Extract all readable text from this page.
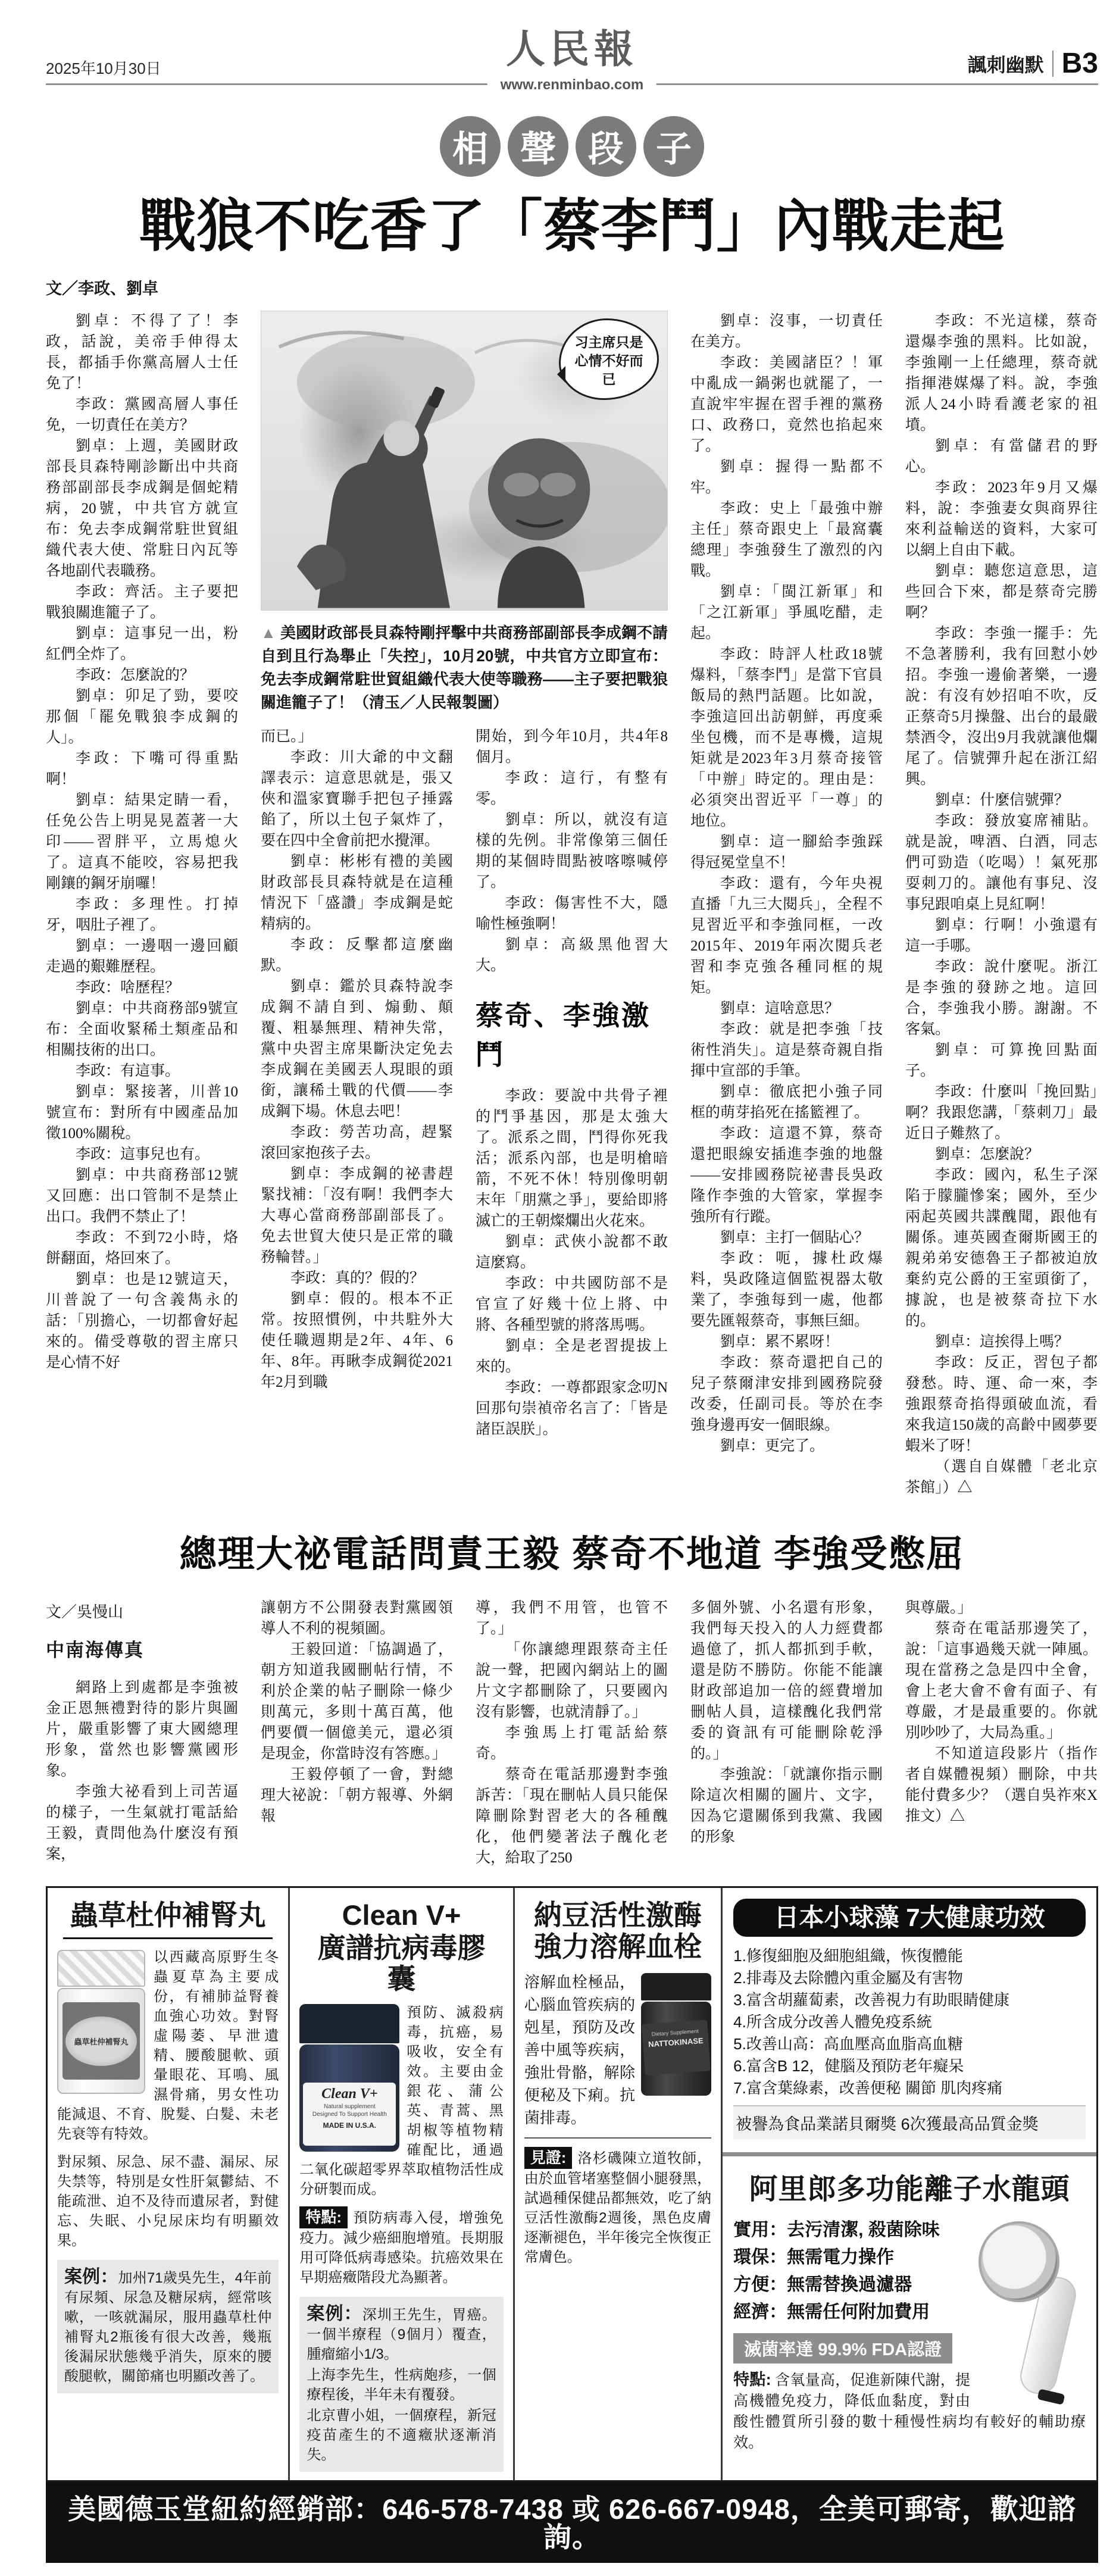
2025年10月30日	人民報
www.renminbao.com
諷刺幽默 B3
相 聲 段 子
戰狼不吃香了「蔡李鬥」內戰走起
文／李政、劉卓

劉卓：不得了了！李政，話說，美帝手伸得太長，都插手你黨高層人士任免了！

李政：黨國高層人事任免，一切責任在美方？

劉卓：上週，美國財政部長貝森特剛診斷出中共商務部副部長李成鋼是個蛇精病，20號，中共官方就宣布：免去李成鋼常駐世貿組織代表大使、常駐日內瓦等各地副代表職務。

李政：齊活。主子要把戰狼關進籠子了。

劉卓：這事兒一出，粉紅們全炸了。

李政：怎麼說的？

劉卓：卯足了勁，要咬那個「罷免戰狼李成鋼的人」。

李政：下嘴可得重點啊！

劉卓：結果定睛一看，任免公告上明晃晃蓋著一大印——習胖平，立馬熄火了。這真不能咬，容易把我剛鑲的鋼牙崩囉！

李政：多理性。打掉牙，咽肚子裡了。

劉卓：一邊咽一邊回顧走過的艱難歷程。

李政：啥歷程？

劉卓：中共商務部9號宣布：全面收緊稀土類產品和相關技術的出口。

李政：有這事。

劉卓：緊接著，川普10號宣布：對所有中國產品加徵100%關稅。

李政：這事兒也有。

劉卓：中共商務部12號又回應：出口管制不是禁止出口。我們不禁止了！

李政：不到72小時，烙餅翻面，烙回來了。

劉卓：也是12號這天，川普說了一句含義雋永的話：「別擔心，一切都會好起來的。備受尊敬的習主席只是心情不好

习主席只是心情不好而已
▲ 美國財政部長貝森特剛抨擊中共商務部副部長李成鋼不請自到且行為舉止「失控」，10月20號，中共官方立即宣布：免去李成鋼常駐世貿組織代表大使等職務——主子要把戰狼關進籠子了！（清玉／人民報製圖）

而已。」

李政：川大爺的中文翻譯表示：這意思就是，張又俠和溫家寶聯手把包子捶露餡了，所以土包子氣炸了，要在四中全會前把水攪渾。

劉卓：彬彬有禮的美國財政部長貝森特就是在這種情況下「盛讚」李成鋼是蛇精病的。

李政：反擊都這麼幽默。

劉卓：鑑於貝森特說李成鋼不請自到、煽動、顛覆、粗暴無理、精神失常，黨中央習主席果斷決定免去李成鋼在美國丟人現眼的頭銜，讓稀土戰的代價——李成鋼下場。休息去吧！

李政：勞苦功高，趕緊滾回家抱孩子去。

劉卓：李成鋼的祕書趕緊找補：「沒有啊！我們李大大專心當商務部副部長了。免去世貿大使只是正常的職務輪替。」

李政：真的？假的？

劉卓：假的。根本不正常。按照慣例，中共駐外大使任職週期是2年、4年、6年、8年。再瞅李成鋼從2021年2月到職

開始，到今年10月，共4年8個月。

李政：這行，有整有零。

劉卓：所以，就沒有這樣的先例。非常像第三個任期的某個時間點被喀嚓喊停了。

李政：傷害性不大，隱喻性極強啊！

劉卓：高級黑他習大大。

蔡奇、李強激鬥

李政：要說中共骨子裡的鬥爭基因，那是太強大了。派系之間，鬥得你死我活；派系內部，也是明槍暗箭，不死不休！特別像明朝末年「朋黨之爭」，要給即將滅亡的王朝燦爛出火花來。

劉卓：武俠小說都不敢這麼寫。

李政：中共國防部不是官宣了好幾十位上將、中將、各種型號的將落馬嗎。

劉卓：全是老習提拔上來的。

李政：一尊都跟家念叨N回那句崇禎帝名言了：「皆是諸臣誤朕」。

劉卓：沒事，一切責任在美方。

李政：美國諸臣？！軍中亂成一鍋粥也就罷了，一直說牢牢握在習手裡的黨務口、政務口，竟然也掐起來了。

劉卓：握得一點都不牢。

李政：史上「最強中辦主任」蔡奇跟史上「最窩囊總理」李強發生了激烈的內戰。

劉卓：「閩江新軍」和「之江新軍」爭風吃醋，走起。

李政：時評人杜政18號爆料，「蔡李鬥」是當下官員飯局的熱門話題。比如說，李強這回出訪朝鮮，再度乘坐包機，而不是專機，這規矩就是2023年3月蔡奇接管「中辦」時定的。理由是：必須突出習近平「一尊」的地位。

劉卓：這一腳給李強踩得冠冕堂皇不！

李政：還有，今年央視直播「九三大閱兵」，全程不見習近平和李強同框，一改2015年、2019年兩次閱兵老習和李克強各種同框的規矩。

劉卓：這啥意思？

李政：就是把李強「技術性消失」。這是蔡奇親自指揮中宣部的手筆。

劉卓：徹底把小強子同框的萌芽掐死在搖籃裡了。

李政：這還不算，蔡奇還把眼線安插進李強的地盤——安排國務院祕書長吳政隆作李強的大管家，掌握李強所有行蹤。

劉卓：主打一個貼心？

李政：呃，據杜政爆料，吳政隆這個監視器太敬業了，李強每到一處，他都要先匯報蔡奇，事無巨細。

劉卓：累不累呀！

李政：蔡奇還把自己的兒子蔡爾津安排到國務院發改委，任副司長。等於在李強身邊再安一個眼線。

劉卓：更完了。

李政：不光這樣，蔡奇還爆李強的黑料。比如說，李強剛一上任總理，蔡奇就指揮港媒爆了料。說，李強派人24小時看護老家的祖墳。

劉卓：有當儲君的野心。

李政：2023年9月又爆料，說：李強妻女與商界往來利益輸送的資料，大家可以網上自由下載。

劉卓：聽您這意思，這些回合下來，都是蔡奇完勝啊？

李政：李強一擺手：先不急著勝利，我有回懟小妙招。李強一邊偷著樂，一邊說：有沒有妙招咱不吹，反正蔡奇5月操盤、出台的最嚴禁酒令，沒出9月我就讓他爛尾了。信號彈升起在浙江紹興。

劉卓：什麼信號彈？

李政：發放宴席補貼。就是說，啤酒、白酒，同志們可勁造（吃喝）！氣死那耍刺刀的。讓他有事兒、沒事兒跟咱桌上見紅啊！

劉卓：行啊！小強還有這一手哪。

李政：說什麼呢。浙江是李強的發跡之地。這回合，李強我小勝。謝謝。不客氣。

劉卓：可算挽回點面子。

李政：什麼叫「挽回點」啊？我跟您講，「蔡刺刀」最近日子難熬了。

劉卓：怎麼說？

李政：國內，私生子深陷于朦朧慘案；國外，至少兩起英國共諜醜聞，跟他有關係。連英國查爾斯國王的親弟弟安德魯王子都被迫放棄約克公爵的王室頭銜了，據說，也是被蔡奇拉下水的。

劉卓：這挨得上嗎？

李政：反正，習包子都發愁。時、運、命一來，李強跟蔡奇掐得頭破血流，看來我這150歲的高齡中國夢要蝦米了呀！

（選自自媒體「老北京茶館」）△

總理大祕電話問責王毅 蔡奇不地道 李強受憋屈
文／吳慢山
中南海傳真

網路上到處都是李強被金正恩無禮對待的影片與圖片，嚴重影響了東大國總理形象，當然也影響黨國形象。

李強大祕看到上司苦逼的樣子，一生氣就打電話給王毅，責問他為什麼沒有預案，

讓朝方不公開發表對黨國領導人不利的視頻圖。

王毅回道：「協調過了，朝方知道我國刪帖行情，不利於企業的帖子刪除一條少則萬元，多則十萬百萬，他們要價一個億美元，還必須是現金，你當時沒有答應。」

王毅停頓了一會，對總理大祕說：「朝方報導、外網報

導，我們不用管，也管不了。」

「你讓總理跟蔡奇主任說一聲，把國內網站上的圖片文字都刪除了，只要國內沒有影響，也就清靜了。」

李強馬上打電話給蔡奇。

蔡奇在電話那邊對李強訴苦：「現在刪帖人員只能保障刪除對習老大的各種醜化，他們變著法子醜化老大，給取了250

多個外號、小名還有形象，我們每天投入的人力經費都過億了，抓人都抓到手軟，還是防不勝防。你能不能讓財政部追加一倍的經費增加刪帖人員，這樣醜化我們常委的資訊有可能刪除乾淨的。」

李強說：「就讓你指示刪除這次相關的圖片、文字，因為它還關係到我黨、我國的形象

與尊嚴。」

蔡奇在電話那邊笑了，說：「這事過幾天就一陣風。現在當務之急是四中全會，會上老大會不會有面子、有尊嚴，才是最重要的。你就別吵吵了，大局為重。」

不知道這段影片（指作者自媒體視頻）刪除，中共能付費多少？（選自吳祚來X推文）△

蟲草杜仲補腎丸
蟲草杜仲補腎丸

以西藏高原野生冬蟲夏草為主要成份，有補肺益腎養血強心功效。對腎虛陽萎、早泄遺精、腰酸腿軟、頭暈眼花、耳鳴、風濕骨痛，男女性功能減退、不育、脫髮、白髮、未老先衰等有特效。

對尿頻、尿急、尿不盡、漏尿、尿失禁等，特別是女性肝氣鬱結、不能疏泄、迫不及待而遺尿者，對健忘、失眠、小兒尿床均有明顯效果。

案例：加州71歲吳先生，4年前有尿頻、尿急及糖尿病，經常咳嗽，一咳就漏尿，服用蟲草杜仲補腎丸2瓶後有很大改善，幾瓶後漏尿狀態幾乎消失，原來的腰酸腿軟，關節痛也明顯改善了。

Clean V+
廣譜抗病毒膠囊
Clean V+
Natural supplement
Designed To Support Health
MADE IN U.S.A.

預防、滅殺病毒，抗癌，易吸收，安全有效。主要由金銀花、蒲公英、青蒿、黑胡椒等植物精確配比，通過二氧化碳超零界萃取植物活性成分研製而成。

特點: 預防病毒入侵，增強免疫力。減少癌細胞增殖。長期服用可降低病毒感染。抗癌效果在早期癌癥階段尤為顯著。

案例：深圳王先生，胃癌。一個半療程（9個月）覆查，腫瘤縮小1/3。

上海李先生，性病皰疹，一個療程後，半年未有覆發。

北京曹小姐，一個療程，新冠疫苗產生的不適癥狀逐漸消失。

納豆活性激酶
強力溶解血栓
Dietary Supplement
NATTOKINASE

溶解血栓極品，心腦血管疾病的剋星，預防及改善中風等疾病，強壯骨骼，解除便秘及下痢。抗菌排毒。

見證: 洛杉磯陳立道牧師，由於血管堵塞整個小腿發黑，試過種保健品都無效，吃了納豆活性激酶2週後，黑色皮膚逐漸褪色，半年後完全恢復正常膚色。

日本小球藻 7大健康功效

1.修復細胞及細胞組織，恢復體能

2.排毒及去除體內重金屬及有害物

3.富含胡蘿蔔素，改善視力有助眼睛健康

4.所含成分改善人體免疫系統

5.改善山高：高血壓高血脂高血糖

6.富含B 12，健腦及預防老年癡呆

7.富含葉綠素，改善便秘 關節 肌肉疼痛

被譽為食品業諾貝爾獎 6次獲最高品質金獎
阿里郎多功能離子水龍頭

實用：去污清潔, 殺菌除味

環保：無需電力操作

方便：無需替換過濾器

經濟：無需任何附加費用

滅菌率達 99.9% FDA認證

特點: 含氧量高，促進新陳代謝，提高機體免疫力，降低血黏度，對由酸性體質所引發的數十種慢性病均有較好的輔助療效。

美國德玉堂紐約經銷部：646-578-7438 或 626-667-0948，全美可郵寄，歡迎諮詢。
